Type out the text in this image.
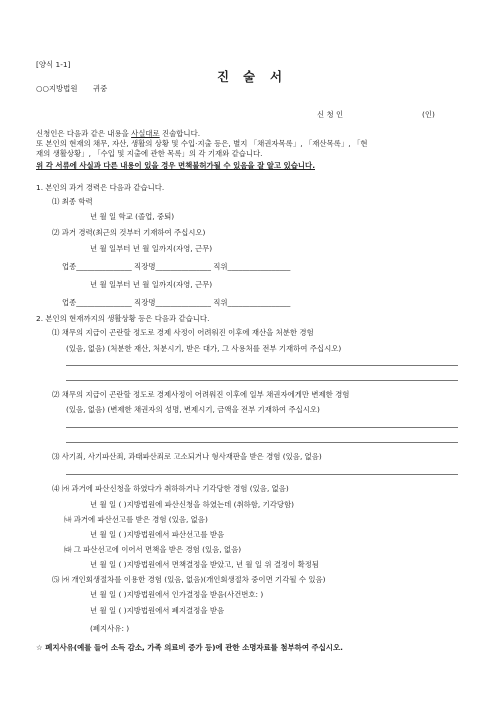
[양식 1-1]
진 술 서
○○지방법원 귀중
신 청 인	(인)
신청인은 다음과 같은 내용을 사실대로 진술합니다.
또 본인의 현재의 채무, 자산, 생활의 상황 및 수입·지출 등은, 별지 「채권자목록」, 「재산목록」, 「현
재의 생활상황」, 「수입 및 지출에 관한 목록」의 각 기재와 같습니다.
위 각 서류에 사실과 다른 내용이 있을 경우 면책불허가될 수 있음을 잘 알고 있습니다.
1. 본인의 과거 경력은 다음과 같습니다.
⑴ 최종 학력
년 월 일 학교 (졸업, 중퇴)
⑵ 과거 경력(최근의 것부터 기재하여 주십시오)
년 월 일부터 년 월 일까지(자영, 근무)
업종_______________ 직장명_______________ 직위_________________
년 월 일부터 년 월 일까지(자영, 근무)
업종_______________ 직장명_______________ 직위_________________
2. 본인의 현재까지의 생활상황 등은 다음과 같습니다.
⑴ 채무의 지급이 곤란할 정도로 경제 사정이 어려워진 이후에 재산을 처분한 경험
(있음, 없음) (처분한 재산, 처분시기, 받은 대가, 그 사용처를 전부 기재하여 주십시오)
⑵ 채무의 지급이 곤란할 정도로 경제사정이 어려워진 이후에 일부 채권자에게만 변제한 경험
(있음, 없음) (변제한 채권자의 성명, 변제시기, 금액을 전부 기재하여 주십시오)
⑶ 사기죄, 사기파산죄, 과태파산죄로 고소되거나 형사재판을 받은 경험 (있음, 없음)
⑷ ㈎ 과거에 파산신청을 하였다가 취하하거나 기각당한 경험 (있음, 없음)
년 월 일 ( )지방법원에 파산신청을 하였는데 (취하함, 기각당함)
㈏ 과거에 파산선고를 받은 경험 (있음, 없음)
년 월 일 ( )지방법원에서 파산선고를 받음
㈐ 그 파산선고에 이어서 면책을 받은 경험 (있음, 없음)
년 월 일 ( )지방법원에서 면책결정을 받았고, 년 월 일 위 결정이 확정됨
⑸ ㈎ 개인회생절차를 이용한 경험 (있음, 없음)(개인회생절차 중이면 기각될 수 있음)
년 월 일 ( )지방법원에서 인가결정을 받음(사건번호: )
년 월 일 ( )지방법원에서 폐지결정을 받음
(폐지사유: )
☆ 폐지사유(예를 들어 소득 감소, 가족 의료비 증가 등)에 관한 소명자료를 첨부하여 주십시오.
